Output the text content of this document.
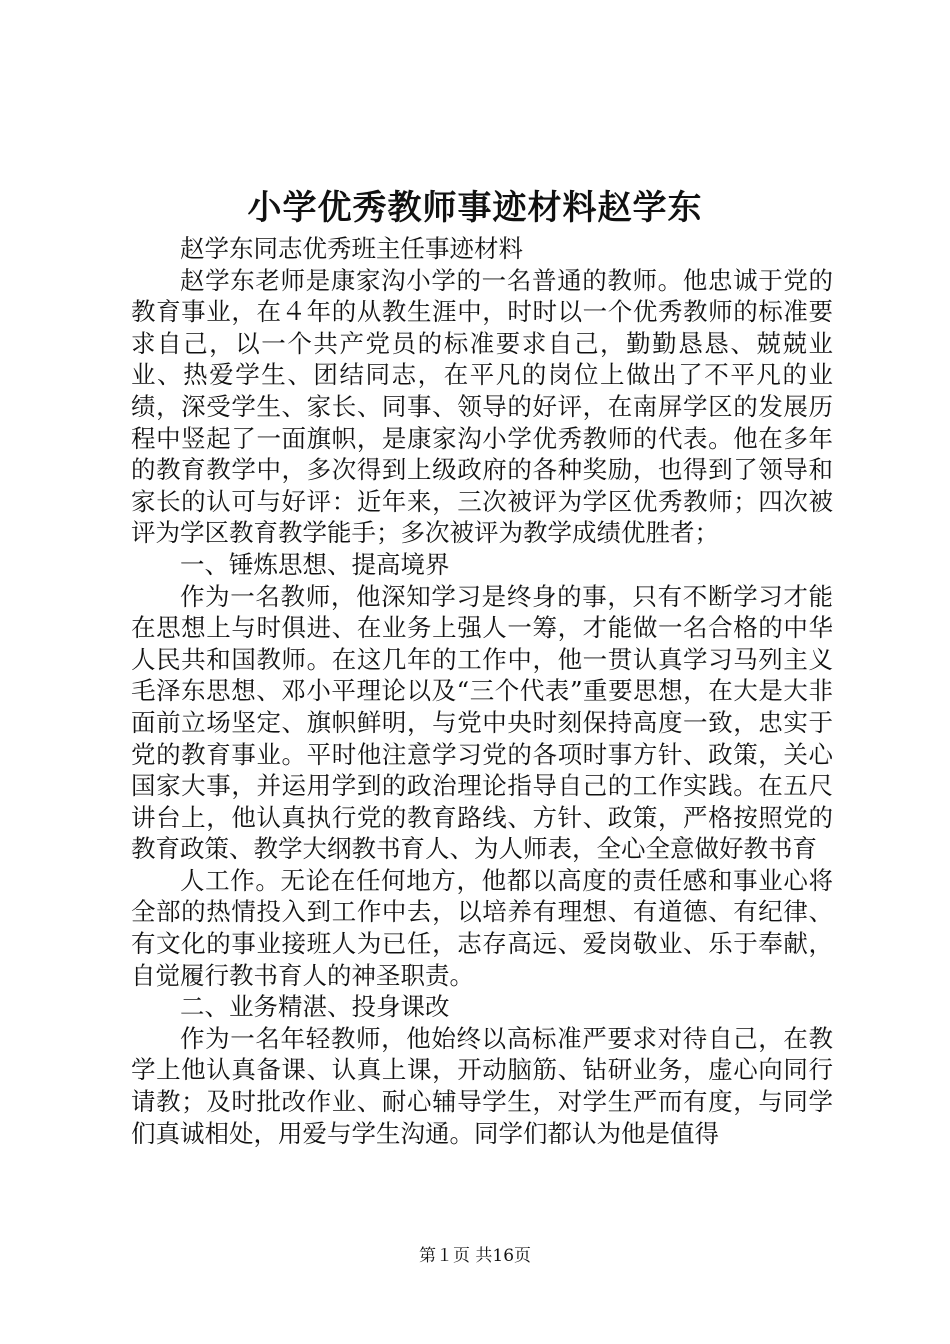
小学优秀教师事迹材料赵学东

赵学东同志优秀班主任事迹材料

赵学东老师是康家沟小学的一名普通的教师。他忠诚于党的教育事业，在４年的从教生涯中，时时以一个优秀教师的标准要求自己，以一个共产党员的标准要求自己，勤勤恳恳、兢兢业业、热爱学生、团结同志，在平凡的岗位上做出了不平凡的业绩，深受学生、家长、同事、领导的好评，在南屏学区的发展历程中竖起了一面旗帜，是康家沟小学优秀教师的代表。他在多年的教育教学中，多次得到上级政府的各种奖励，也得到了领导和家长的认可与好评：近年来，三次被评为学区优秀教师；四次被评为学区教育教学能手；多次被评为教学成绩优胜者；

一、锤炼思想、提高境界

作为一名教师，他深知学习是终身的事，只有不断学习才能在思想上与时俱进、在业务上强人一筹，才能做一名合格的中华人民共和国教师。在这几年的工作中，他一贯认真学习马列主义毛泽东思想、邓小平理论以及“三个代表”重要思想，在大是大非面前立场坚定、旗帜鲜明，与党中央时刻保持高度一致，忠实于党的教育事业。平时他注意学习党的各项时事方针、政策，关心国家大事，并运用学到的政治理论指导自己的工作实践。在五尺讲台上，他认真执行党的教育路线、方针、政策，严格按照党的教育政策、教学大纲教书育人、为人师表，全心全意做好教书育

人工作。无论在任何地方，他都以高度的责任感和事业心将全部的热情投入到工作中去，以培养有理想、有道德、有纪律、有文化的事业接班人为已任，志存高远、爱岗敬业、乐于奉献，自觉履行教书育人的神圣职责。

二、业务精湛、投身课改

作为一名年轻教师，他始终以高标准严要求对待自己，在教学上他认真备课、认真上课，开动脑筋、钻研业务，虚心向同行请教；及时批改作业、耐心辅导学生，对学生严而有度，与同学们真诚相处，用爱与学生沟通。同学们都认为他是值得

第１页 共16页
